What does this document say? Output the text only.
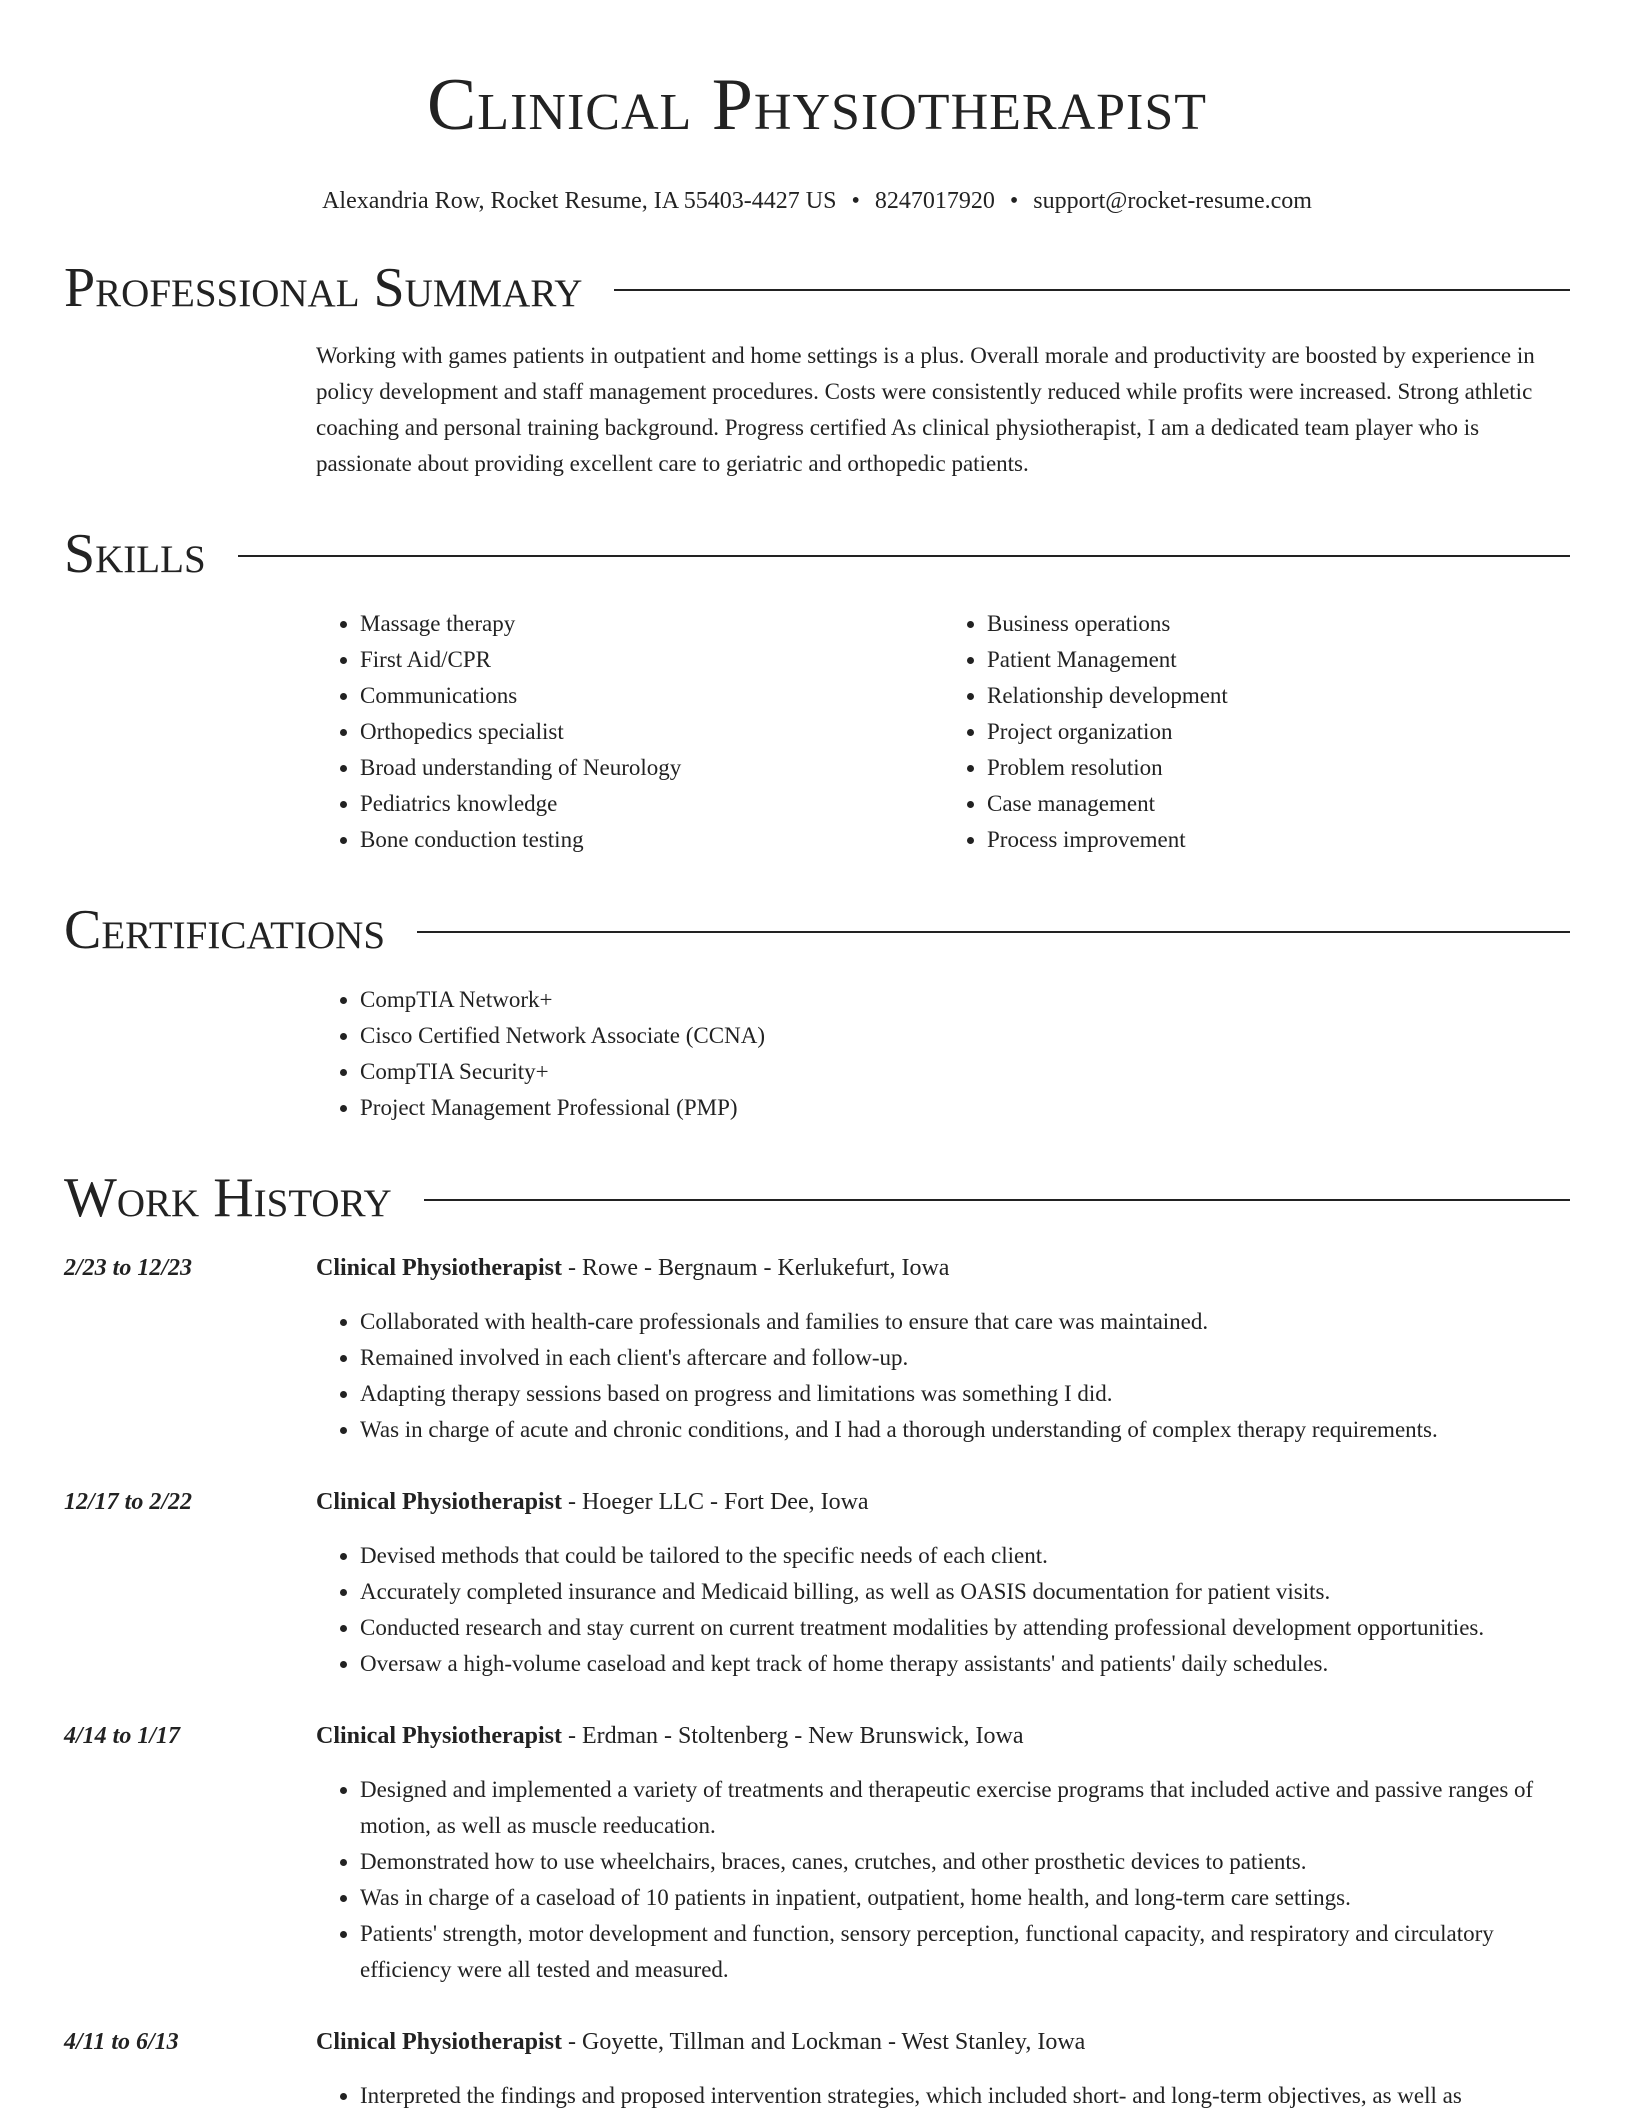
Clinical Physiotherapist
Alexandria Row, Rocket Resume, IA 55403-4427 US • 8247017920 • support@rocket-resume.com
Professional Summary

Working with games patients in outpatient and home settings is a plus. Overall morale and productivity are boosted by experience in policy development and staff management procedures. Costs were consistently reduced while profits were increased. Strong athletic coaching and personal training background. Progress certified As clinical physiotherapist, I am a dedicated team player who is passionate about providing excellent care to geriatric and orthopedic patients.

Skills
• Massage therapy
• First Aid/CPR
• Communications
• Orthopedics specialist
• Broad understanding of Neurology
• Pediatrics knowledge
• Bone conduction testing
• Business operations
• Patient Management
• Relationship development
• Project organization
• Problem resolution
• Case management
• Process improvement
Certifications
• CompTIA Network+
• Cisco Certified Network Associate (CCNA)
• CompTIA Security+
• Project Management Professional (PMP)
Work History
2/23 to 12/23	Clinical Physiotherapist - Rowe - Bergnaum - Kerlukefurt, Iowa
• Collaborated with health-care professionals and families to ensure that care was maintained.
• Remained involved in each client's aftercare and follow-up.
• Adapting therapy sessions based on progress and limitations was something I did.
• Was in charge of acute and chronic conditions, and I had a thorough understanding of complex therapy requirements.
12/17 to 2/22	Clinical Physiotherapist - Hoeger LLC - Fort Dee, Iowa
• Devised methods that could be tailored to the specific needs of each client.
• Accurately completed insurance and Medicaid billing, as well as OASIS documentation for patient visits.
• Conducted research and stay current on current treatment modalities by attending professional development opportunities.
• Oversaw a high-volume caseload and kept track of home therapy assistants' and patients' daily schedules.
4/14 to 1/17	Clinical Physiotherapist - Erdman - Stoltenberg - New Brunswick, Iowa
• Designed and implemented a variety of treatments and therapeutic exercise programs that included active and passive ranges of motion, as well as muscle reeducation.
• Demonstrated how to use wheelchairs, braces, canes, crutches, and other prosthetic devices to patients.
• Was in charge of a caseload of 10 patients in inpatient, outpatient, home health, and long-term care settings.
• Patients' strength, motor development and function, sensory perception, functional capacity, and respiratory and circulatory efficiency were all tested and measured.
4/11 to 6/13	Clinical Physiotherapist - Goyette, Tillman and Lockman - West Stanley, Iowa
• Interpreted the findings and proposed intervention strategies, which included short- and long-term objectives, as well as
